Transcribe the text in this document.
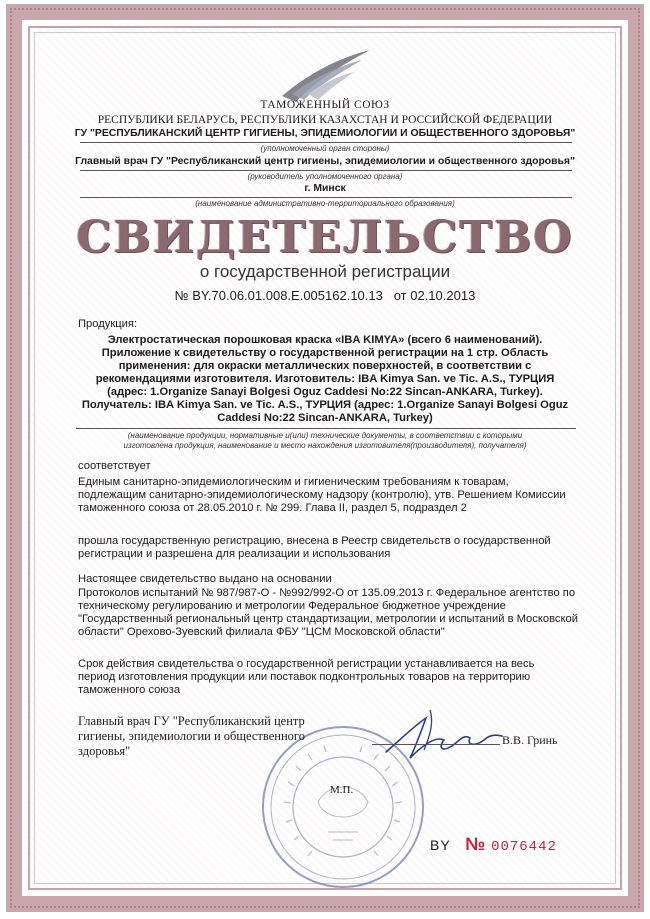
ТАМОЖЕННЫЙ СОЮЗ
РЕСПУБЛИКИ БЕЛАРУСЬ, РЕСПУБЛИКИ КАЗАХСТАН И РОССИЙСКОЙ ФЕДЕРАЦИИ
ГУ "РЕСПУБЛИКАНСКИЙ ЦЕНТР ГИГИЕНЫ, ЭПИДЕМИОЛОГИИ И ОБЩЕСТВЕННОГО ЗДОРОВЬЯ"
(уполномоченный орган стороны)
Главный врач ГУ "Республиканский центр гигиены, эпидемиологии и общественного здоровья"
(руководитель уполномоченного органа)
г. Минск
(наименование административно-территориального образования)
СВИДЕТЕЛЬСТВО
о государственной регистрации
№ BY.70.06.01.008.E.005162.10.13 от 02.10.2013
Продукция:
Электростатическая порошковая краска «IBA KIMYA» (всего 6 наименований).
Приложение к свидетельству о государственной регистрации на 1 стр. Область
применения: для окраски металлических поверхностей, в соответствии с
рекомендациями изготовителя. Изготовитель: IBA Kimya San. ve Tic. A.S., ТУРЦИЯ
(адрес: 1.Organize Sanayi Bolgesi Oguz Caddesi No:22 Sincan-ANKARA, Turkey).
Получатель: IBA Kimya San. ve Tic. A.S., ТУРЦИЯ (адрес: 1.Organize Sanayi Bolgesi Oguz
Caddesi No:22 Sincan-ANKARA, Turkey)
(наименование продукции, нормативные и(или) технические документы, в соответствии с которыми
изготовлена продукция, наименование и место нахождения изготовителя(производителя), получателя)
соответствует
Единым санитарно-эпидемиологическим и гигиеническим требованиям к товарам,
подлежащим санитарно-эпидемиологическому надзору (контролю), утв. Решением Комиссии
таможенного союза от 28.05.2010 г. № 299. Глава II, раздел 5, подраздел 2
прошла государственную регистрацию, внесена в Реестр свидетельств о государственной
регистрации и разрешена для реализации и использования
Настоящее свидетельство выдано на основании
Протоколов испытаний № 987/987-О - №992/992-О от 135.09.2013 г. Федеральное агентство по
техническому регулированию и метрологии Федеральное бюджетное учреждение
"Государственный региональный центр стандартизации, метрологии и испытаний в Московской
области" Орехово-Зуевский филиала ФБУ "ЦСМ Московской области"
Срок действия свидетельства о государственной регистрации устанавливается на весь
период изготовления продукции или поставок подконтрольных товаров на территорию
таможенного союза
Главный врач ГУ "Республиканский центр
гигиены, эпидемиологии и общественного
здоровья"
В.В. Гринь
М.П.
BY № 0076442
